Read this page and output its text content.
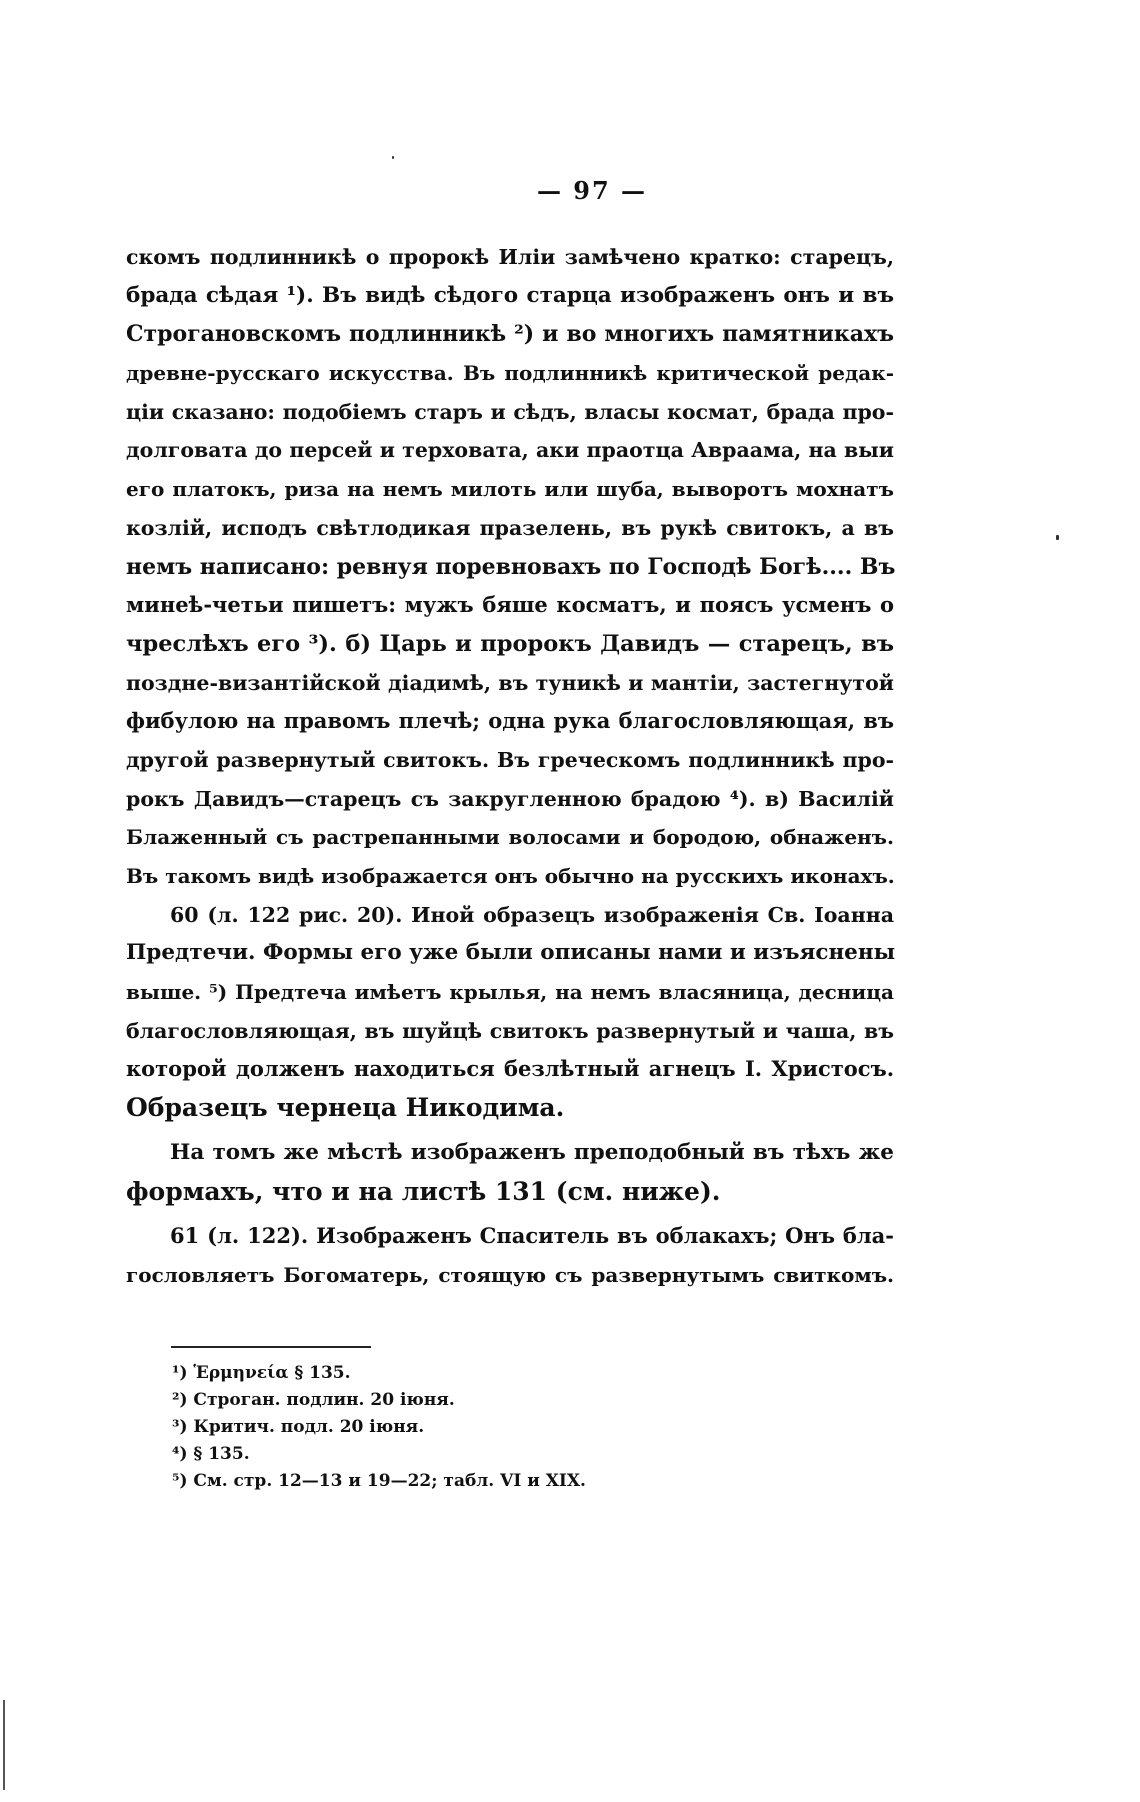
— 97 —
скомъ подлинникѣ о пророкѣ Иліи замѣчено кратко: старецъ,
брада сѣдая ¹). Въ видѣ сѣдого старца изображенъ онъ и въ
Строгановскомъ подлинникѣ ²) и во многихъ памятникахъ
древне-русскаго искусства. Въ подлинникѣ критической редак-
ціи сказано: подобіемъ старъ и сѣдъ, власы космат, брада про-
долговата до персей и терховата, аки праотца Авраама, на выи
его платокъ, риза на немъ милоть или шуба, выворотъ мохнатъ
козлій, исподъ свѣтлодикая празелень, въ рукѣ свитокъ, а въ
немъ написано: ревнуя поревновахъ по Господѣ Богѣ.... Въ
минеѣ-четьи пишетъ: мужъ бяше косматъ, и поясъ усменъ о
чреслѣхъ его ³). б) Царь и пророкъ Давидъ — старецъ, въ
поздне-византійской діадимѣ, въ туникѣ и мантіи, застегнутой
фибулою на правомъ плечѣ; одна рука благословляющая, въ
другой развернутый свитокъ. Въ греческомъ подлинникѣ про-
рокъ Давидъ—старецъ съ закругленною брадою ⁴). в) Василій
Блаженный съ растрепанными волосами и бородою, обнаженъ.
Въ такомъ видѣ изображается онъ обычно на русскихъ иконахъ.
60 (л. 122 рис. 20). Иной образецъ изображенія Св. Іоанна
Предтечи. Формы его уже были описаны нами и изъяснены
выше. ⁵) Предтеча имѣетъ крылья, на немъ власяница, десница
благословляющая, въ шуйцѣ свитокъ развернутый и чаша, въ
которой долженъ находиться безлѣтный агнецъ І. Христосъ.
Образецъ чернеца Никодима.
На томъ же мѣстѣ изображенъ преподобный въ тѣхъ же
формахъ, что и на листѣ 131 (см. ниже).
61 (л. 122). Изображенъ Спаситель въ облакахъ; Онъ бла-
гословляетъ Богоматерь, стоящую съ развернутымъ свиткомъ.
¹) Ἑρμηνεία § 135.
²) Строган. подлин. 20 іюня.
³) Критич. подл. 20 іюня.
⁴) § 135.
⁵) См. стр. 12—13 и 19—22; табл. VI и XIX.
